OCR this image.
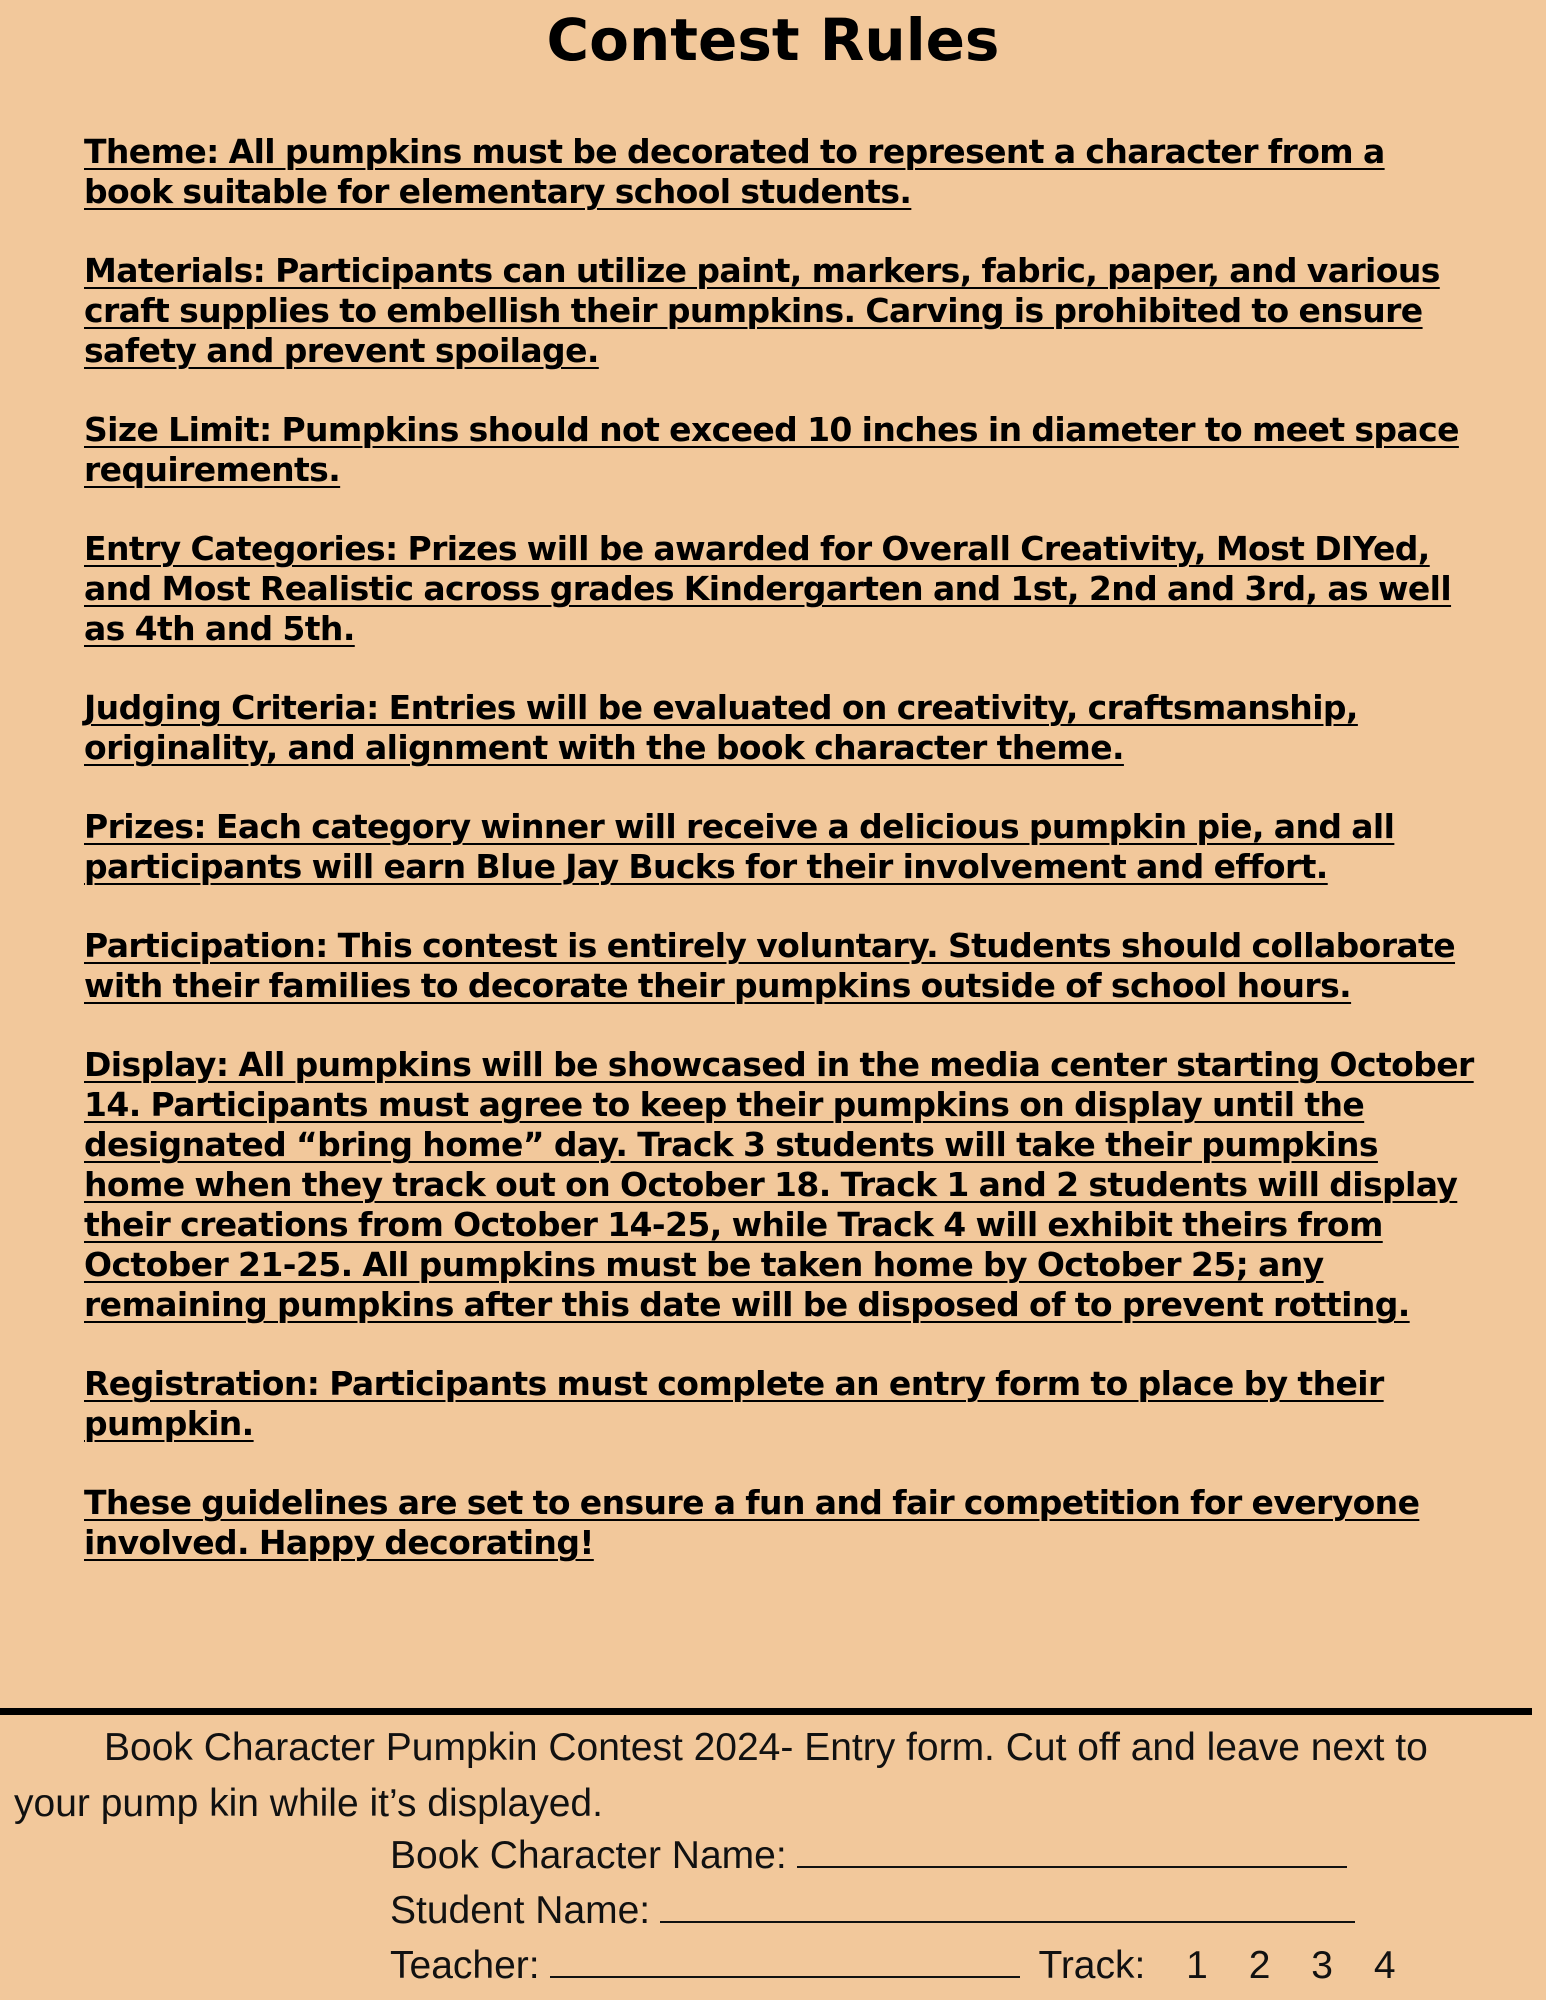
Contest Rules

Theme: All pumpkins must be decorated to represent a character from a book suitable for elementary school students.

Materials: Participants can utilize paint, markers, fabric, paper, and various craft supplies to embellish their pumpkins. Carving is prohibited to ensure safety and prevent spoilage.

Size Limit: Pumpkins should not exceed 10 inches in diameter to meet space requirements.

Entry Categories: Prizes will be awarded for Overall Creativity, Most DIYed, and Most Realistic across grades Kindergarten and 1st, 2nd and 3rd, as well as 4th and 5th.

Judging Criteria: Entries will be evaluated on creativity, craftsmanship, originality, and alignment with the book character theme.

Prizes: Each category winner will receive a delicious pumpkin pie, and all participants will earn Blue Jay Bucks for their involvement and effort.

Participation: This contest is entirely voluntary. Students should collaborate with their families to decorate their pumpkins outside of school hours.

Display: All pumpkins will be showcased in the media center starting October 14. Participants must agree to keep their pumpkins on display until the designated “bring home” day. Track 3 students will take their pumpkins home when they track out on October 18. Track 1 and 2 students will display their creations from October 14-25, while Track 4 will exhibit theirs from October 21-25. All pumpkins must be taken home by October 25; any remaining pumpkins after this date will be disposed of to prevent rotting.

Registration: Participants must complete an entry form to place by their pumpkin.

These guidelines are set to ensure a fun and fair competition for everyone involved. Happy decorating!

Book Character Pumpkin Contest 2024- Entry form. Cut off and leave next to your pump kin while it’s displayed.

Book Character Name:
Student Name:
Teacher:	Track: 1 2 3 4
